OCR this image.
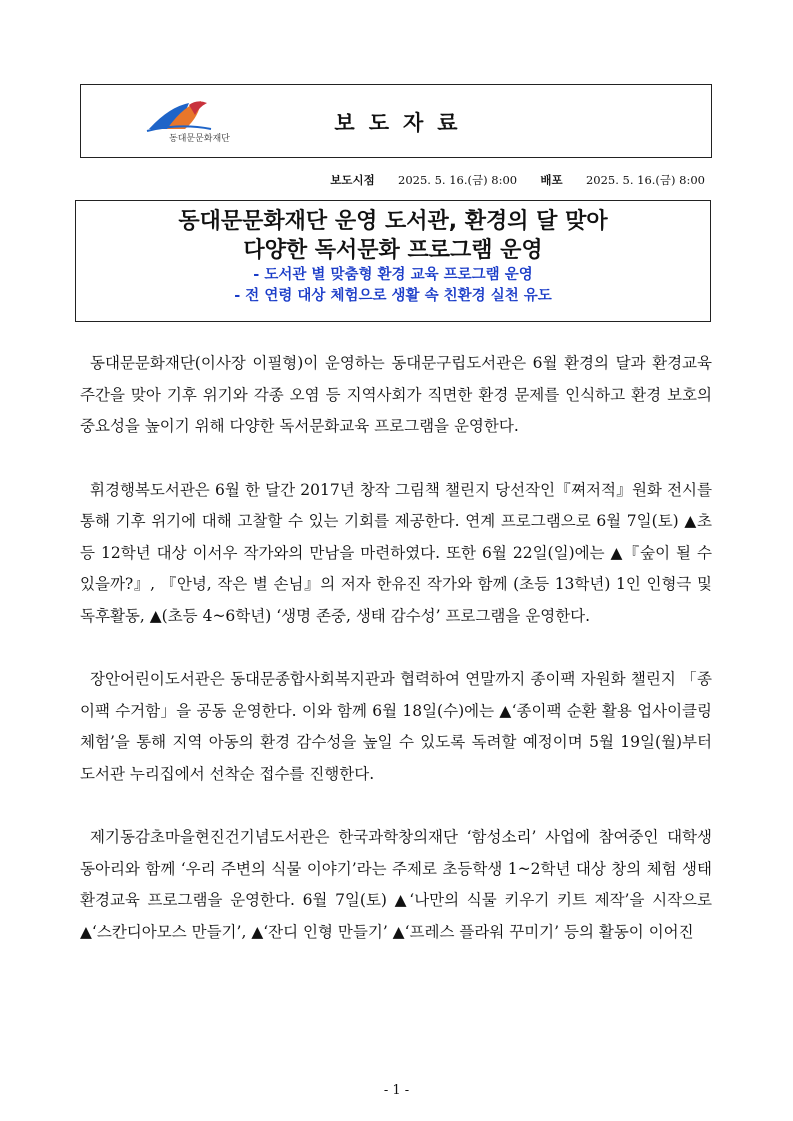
동대문문화재단
보도자료
보도시점 2025. 5. 16.(금) 8:00 배포 2025. 5. 16.(금) 8:00
동대문문화재단 운영 도서관, 환경의 달 맞아
다양한 독서문화 프로그램 운영
- 도서관 별 맞춤형 환경 교육 프로그램 운영
- 전 연령 대상 체험으로 생활 속 친환경 실천 유도

동대문문화재단(이사장 이필형)이 운영하는 동대문구립도서관은 6월 환경의 달과 환경교육주간을 맞아 기후 위기와 각종 오염 등 지역사회가 직면한 환경 문제를 인식하고 환경 보호의 중요성을 높이기 위해 다양한 독서문화교육 프로그램을 운영한다.

휘경행복도서관은 6월 한 달간 2017년 창작 그림책 챌린지 당선작인『쪄저적』원화 전시를 통해 기후 위기에 대해 고찰할 수 있는 기회를 제공한다. 연계 프로그램으로 6월 7일(토) ▲초등 12학년 대상 이서우 작가와의 만남을 마련하였다. 또한 6월 22일(일)에는 ▲『숲이 될 수 있을까?』, 『안녕, 작은 별 손님』의 저자 한유진 작가와 함께 (초등 13학년) 1인 인형극 및 독후활동, ▲(초등 4~6학년) ‘생명 존중, 생태 감수성’ 프로그램을 운영한다.

장안어린이도서관은 동대문종합사회복지관과 협력하여 연말까지 종이팩 자원화 챌린지 「종이팩 수거함」을 공동 운영한다. 이와 함께 6월 18일(수)에는 ▲‘종이팩 순환 활용 업사이클링 체험’을 통해 지역 아동의 환경 감수성을 높일 수 있도록 독려할 예정이며 5월 19일(월)부터 도서관 누리집에서 선착순 접수를 진행한다.

제기동감초마을현진건기념도서관은 한국과학창의재단 ‘함성소리’ 사업에 참여중인 대학생 동아리와 함께 ‘우리 주변의 식물 이야기’라는 주제로 초등학생 1~2학년 대상 창의 체험 생태 환경교육 프로그램을 운영한다. 6월 7일(토) ▲‘나만의 식물 키우기 키트 제작’을 시작으로 ▲‘스칸디아모스 만들기’, ▲‘잔디 인형 만들기’ ▲‘프레스 플라워 꾸미기’ 등의 활동이 이어진

- 1 -
